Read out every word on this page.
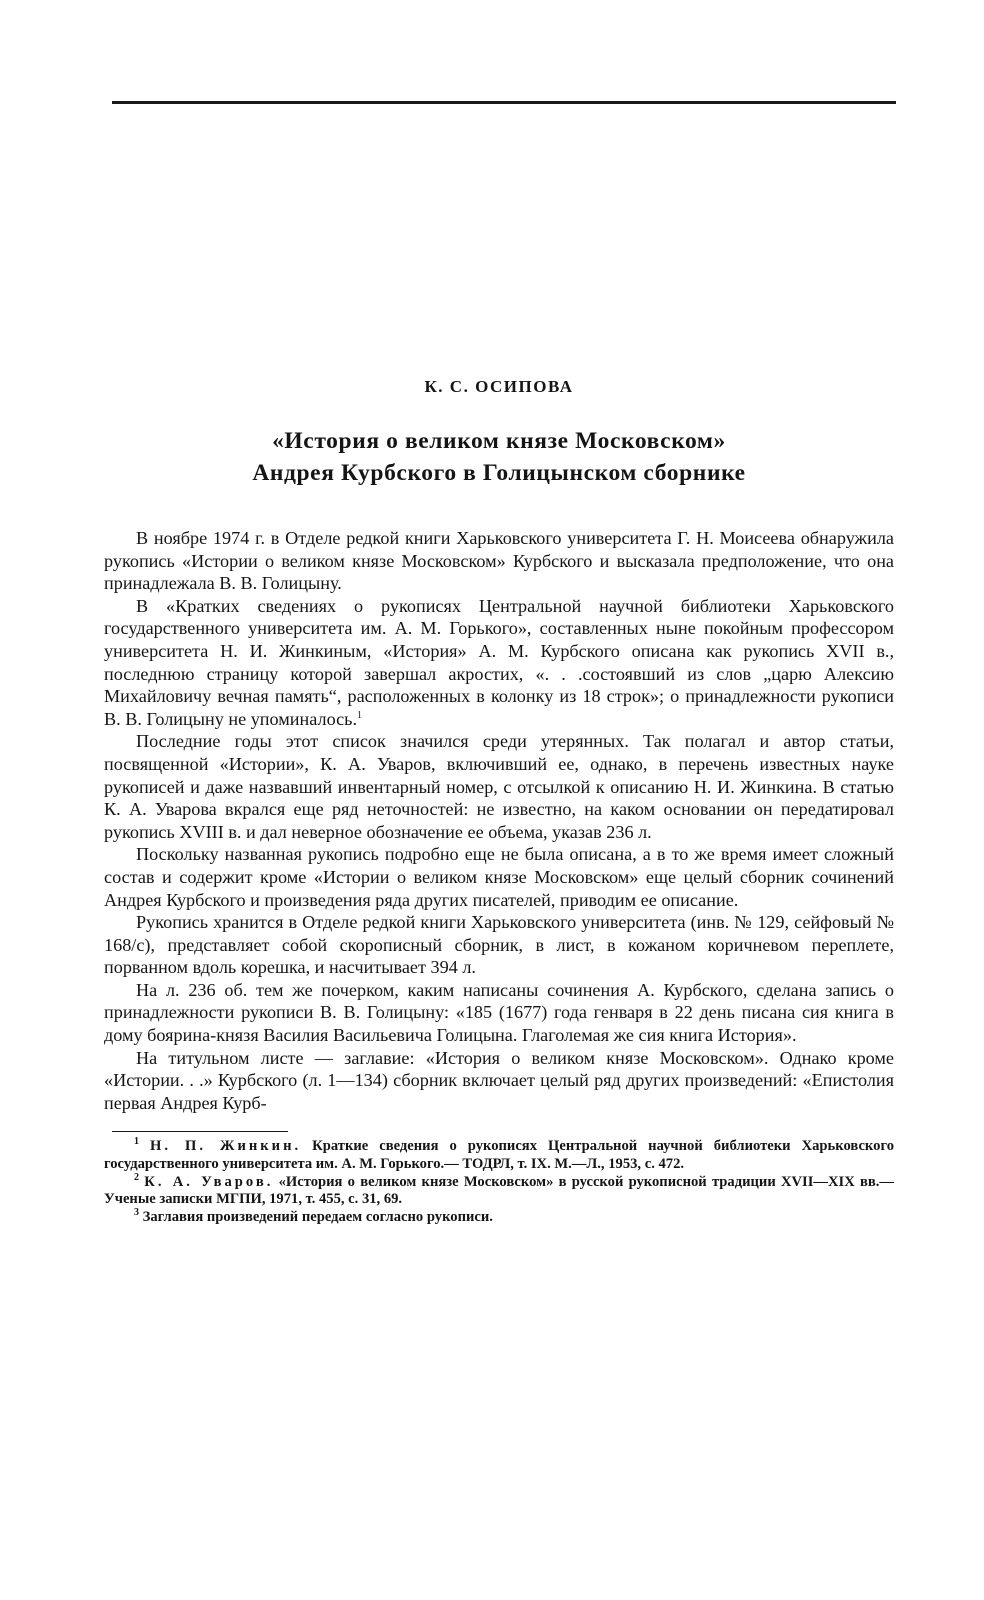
К. С. ОСИПОВА
«История о великом князе Московском»
Андрея Курбского в Голицынском сборнике

В ноябре 1974 г. в Отделе редкой книги Харьковского университета Г. Н. Моисеева обнаружила рукопись «Истории о великом князе Московском» Курбского и высказала предположение, что она принадлежала В. В. Голицыну.

В «Кратких сведениях о рукописях Центральной научной библиотеки Харьковского государственного университета им. А. М. Горького», составленных ныне покойным профессором университета Н. И. Жинкиным, «История» А. М. Курбского описана как рукопись XVII в., последнюю страницу которой завершал акростих, «. . .состоявший из слов „царю Алексию Михайловичу вечная память“, расположенных в колонку из 18 строк»; о принадлежности рукописи В. В. Голицыну не упоминалось.$^1$

Последние годы этот список значился среди утерянных. Так полагал и автор статьи, посвященной «Истории», К. А. Уваров, включивший ее, однако, в перечень известных науке рукописей и даже назвавший инвентарный номер, с отсылкой к описанию Н. И. Жинкина. В статью К. А. Уварова вкрался еще ряд неточностей: не известно, на каком основании он передатировал рукопись XVIII в. и дал неверное обозначение ее объема, указав 236 л.

Поскольку названная рукопись подробно еще не была описана, а в то же время имеет сложный состав и содержит кроме «Истории о великом князе Московском» еще целый сборник сочинений Андрея Курбского и произведения ряда других писателей, приводим ее описание.

Рукопись хранится в Отделе редкой книги Харьковского университета (инв. № 129, сейфовый № 168/с), представляет собой скорописный сборник, в лист, в кожаном коричневом переплете, порванном вдоль корешка, и насчитывает 394 л.

На л. 236 об. тем же почерком, каким написаны сочинения А. Курбского, сделана запись о принадлежности рукописи В. В. Голицыну: «185 (1677) года генваря в 22 день писана сия книга в дому боярина-князя Василия Васильевича Голицына. Глаголемая же сия книга История».

На титульном листе — заглавие: «История о великом князе Московском». Однако кроме «Истории. . .» Курбского (л. 1—134) сборник включает целый ряд других произведений: «Епистолия первая Андрея Курб-

$^1$ Н. П. Жинкин. Краткие сведения о рукописях Центральной научной библиотеки Харьковского государственного университета им. А. М. Горького.— ТОДРЛ, т. IX. М.—Л., 1953, с. 472.

$^2$ К. А. Уваров. «История о великом князе Московском» в русской рукописной традиции XVII—XIX вв.— Ученые записки МГПИ, 1971, т. 455, с. 31, 69.

$^3$ Заглавия произведений передаем согласно рукописи.
